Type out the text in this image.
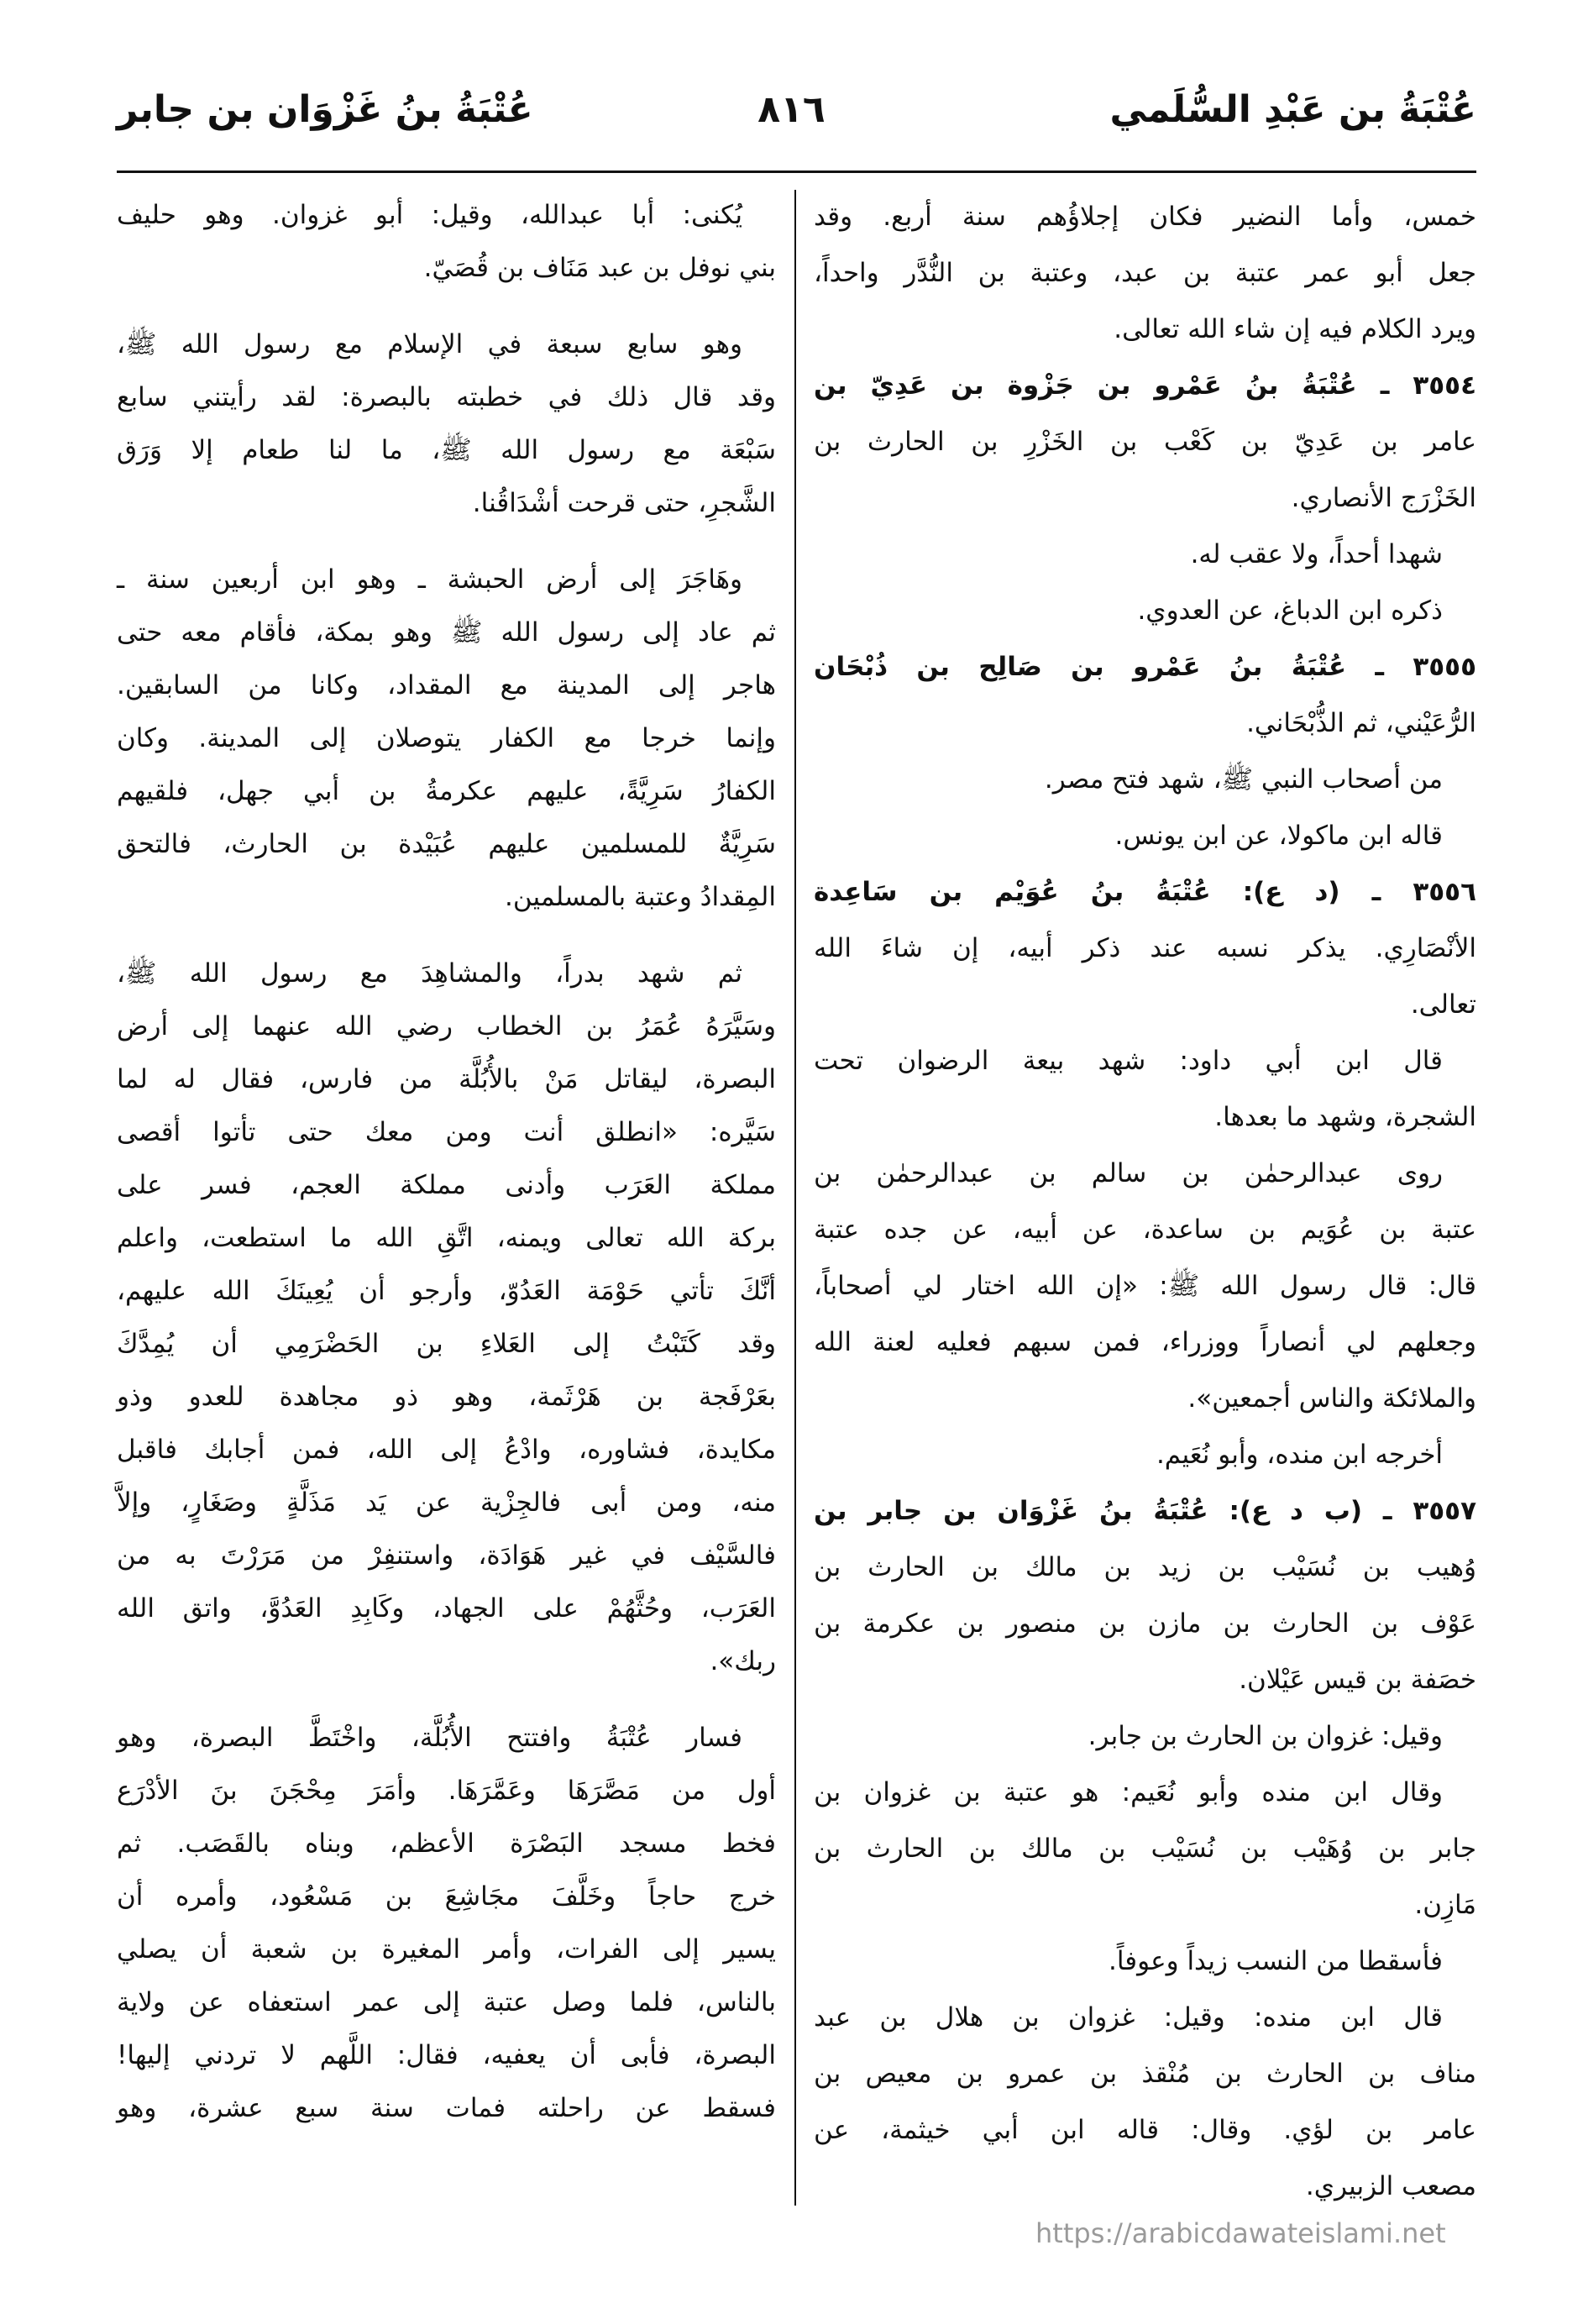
عُتْبَةُ بن عَبْدِ السُّلَمي
٨١٦
عُتْبَةُ بنُ غَزْوَان بن جابر
خمس، وأما النضير فكان إجلاؤُهم سنة أربع. وقد
جعل أبو عمر عتبة بن عبد، وعتبة بن النُّدَّر واحداً،
ويرد الكلام فيه إن شاء الله تعالى.
٣٥٥٤ ـ عُتْبَةُ بنُ عَمْرو بن جَزْوة بن عَدِيّ بن
عامر بن عَدِيّ بن كَعْب بن الخَزْرِ بن الحارث بن
الخَزْرَج الأنصاري.
شهدا أحداً، ولا عقب له.
ذكره ابن الدباغ، عن العدوي.
٣٥٥٥ ـ عُتْبَةُ بنُ عَمْرو بن صَالِح بن ذُبْحَان
الرُّعَيْني، ثم الذُّبْحَاني.
من أصحاب النبي ﷺ، شهد فتح مصر.
قاله ابن ماكولا، عن ابن يونس.
٣٥٥٦ ـ (د ع): عُتْبَةُ بنُ عُوَيْم بن سَاعِدة
الأنْصَارِي. يذكر نسبه عند ذكر أبيه، إن شاءَ الله
تعالى.
قال ابن أبي داود: شهد بيعة الرضوان تحت
الشجرة، وشهد ما بعدها.
روى عبدالرحمٰن بن سالم بن عبدالرحمٰن بن
عتبة بن عُوَيم بن ساعدة، عن أبيه، عن جده عتبة
قال: قال رسول الله ﷺ: «إن الله اختار لي أصحاباً،
وجعلهم لي أنصاراً ووزراء، فمن سبهم فعليه لعنة الله
والملائكة والناس أجمعين».
أخرجه ابن منده، وأبو نُعَيم.
٣٥٥٧ ـ (ب د ع): عُتْبَةُ بنُ غَزْوَان بن جابر بن
وُهيب بن نُسَيْب بن زيد بن مالك بن الحارث بن
عَوْف بن الحارث بن مازن بن منصور بن عكرمة بن
خصَفة بن قيس عَيْلان.
وقيل: غزوان بن الحارث بن جابر.
وقال ابن منده وأبو نُعَيم: هو عتبة بن غزوان بن
جابر بن وُهَيْب بن نُسَيْب بن مالك بن الحارث بن
مَازِن.
فأسقطا من النسب زيداً وعوفاً.
قال ابن منده: وقيل: غزوان بن هلال بن عبد
مناف بن الحارث بن مُنْقذ بن عمرو بن معيص بن
عامر بن لؤي. وقال: قاله ابن أبي خيثمة، عن
مصعب الزبيري.
يُكنى: أبا عبدالله، وقيل: أبو غزوان. وهو حليف
بني نوفل بن عبد مَنَاف بن قُصَيّ.
وهو سابع سبعة في الإسلام مع رسول الله ﷺ،
وقد قال ذلك في خطبته بالبصرة: لقد رأيتني سابع
سَبْعَة مع رسول الله ﷺ، ما لنا طعام إلا وَرَق
الشَّجرِ، حتى قرحت أشْدَاقُنا.
وهَاجَرَ إلى أرض الحبشة ـ وهو ابن أربعين سنة ـ
ثم عاد إلى رسول الله ﷺ وهو بمكة، فأقام معه حتى
هاجر إلى المدينة مع المقداد، وكانا من السابقين.
وإنما خرجا مع الكفار يتوصلان إلى المدينة. وكان
الكفارُ سَرِيَّةً، عليهم عكرمةُ بن أبي جهل، فلقيهم
سَرِيَّةٌ للمسلمين عليهم عُبَيْدة بن الحارث، فالتحق
المِقدادُ وعتبة بالمسلمين.
ثم شهد بدراً، والمشاهِدَ مع رسول الله ﷺ،
وسَيَّرَهُ عُمَرُ بن الخطاب رضي الله عنهما إلى أرض
البصرة، ليقاتل مَنْ بالأُبُلَّة من فارس، فقال له لما
سَيَّره: «انطلق أنت ومن معك حتى تأتوا أقصى
مملكة العَرَب وأدنى مملكة العجم، فسر على
بركة الله تعالى ويمنه، اتَّقِ الله ما استطعت، واعلم
أنَّكَ تأتي حَوْمَة العَدُوّ، وأرجو أن يُعِينَكَ الله عليهم،
وقد كَتَبْتُ إلى العَلاءِ بن الحَضْرَمِي أن يُمِدَّكَ
بعَرْفَجة بن هَرْثَمة، وهو ذو مجاهدة للعدو وذو
مكايدة، فشاوره، وادْعُ إلى الله، فمن أجابك فاقبل
منه، ومن أبى فالجِزْية عن يَد مَذَلَّةٍ وصَغَارٍ، وإلاَّ
فالسَّيْف في غير هَوَادَة، واستنفِرْ من مَرَرْتَ به من
العَرَب، وحُثَّهُمْ على الجهاد، وكَابِدِ العَدُوَّ، واتق الله
ربك».
فسار عُتْبَةُ وافتتح الأُبُلَّة، واخْتَطَّ البصرة، وهو
أول من مَصَّرَهَا وعَمَّرَهَا. وأمَرَ مِحْجَنَ بنَ الأدْرَع
فخط مسجد البَصْرَة الأعظم، وبناه بالقَصَب. ثم
خرج حاجاً وخَلَّفَ مجَاشِعَ بن مَسْعُود، وأمره أن
يسير إلى الفرات، وأمر المغيرة بن شعبة أن يصلي
بالناس، فلما وصل عتبة إلى عمر استعفاه عن ولاية
البصرة، فأبى أن يعفيه، فقال: اللَّهم لا تردني إليها!
فسقط عن راحلته فمات سنة سبع عشرة، وهو
https://arabicdawateislami.net
